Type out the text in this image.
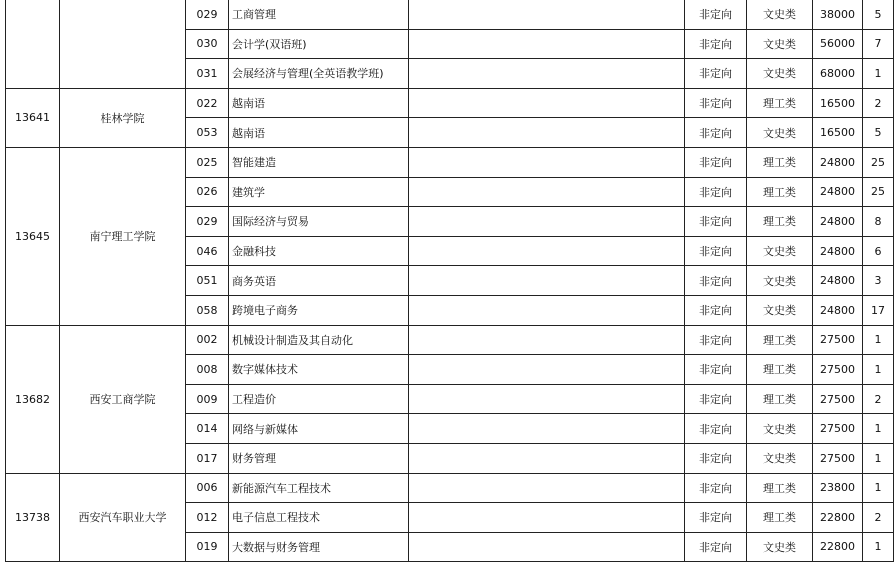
		029	工商管理		非定向	文史类	38000	5
		030	会计学(双语班)		非定向	文史类	56000	7
		031	会展经济与管理(全英语教学班)		非定向	文史类	68000	1
13641	桂林学院	022	越南语		非定向	理工类	16500	2
		053	越南语		非定向	文史类	16500	5
13645	南宁理工学院	025	智能建造		非定向	理工类	24800	25
		026	建筑学		非定向	理工类	24800	25
		029	国际经济与贸易		非定向	理工类	24800	8
		046	金融科技		非定向	文史类	24800	6
		051	商务英语		非定向	文史类	24800	3
		058	跨境电子商务		非定向	文史类	24800	17
13682	西安工商学院	002	机械设计制造及其自动化		非定向	理工类	27500	1
		008	数字媒体技术		非定向	理工类	27500	1
		009	工程造价		非定向	理工类	27500	2
		014	网络与新媒体		非定向	文史类	27500	1
		017	财务管理		非定向	文史类	27500	1
13738	西安汽车职业大学	006	新能源汽车工程技术		非定向	理工类	23800	1
		012	电子信息工程技术		非定向	理工类	22800	2
		019	大数据与财务管理		非定向	文史类	22800	1
